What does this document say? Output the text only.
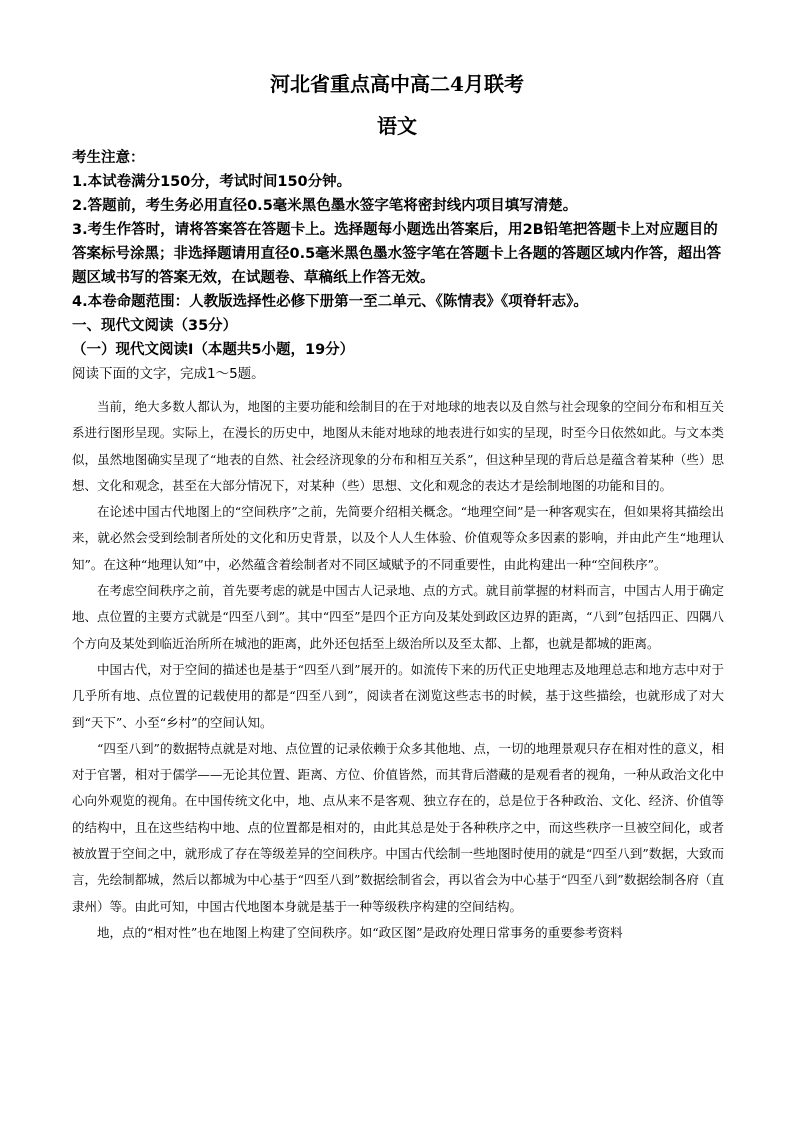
河北省重点高中高二4月联考
语文
考生注意：
1.本试卷满分150分，考试时间150分钟。
2.答题前，考生务必用直径0.5毫米黑色墨水签字笔将密封线内项目填写清楚。
3.考生作答时，请将答案答在答题卡上。选择题每小题选出答案后，用2B铅笔把答题卡上对应题目的答案标号涂黑；非选择题请用直径0.5毫米黑色墨水签字笔在答题卡上各题的答题区域内作答，超出答题区域书写的答案无效，在试题卷、草稿纸上作答无效。
4.本卷命题范围：人教版选择性必修下册第一至二单元、《陈情表》《项脊轩志》。
一、现代文阅读（35分）
（一）现代文阅读Ⅰ（本题共5小题，19分）
阅读下面的文字，完成1～5题。

当前，绝大多数人都认为，地图的主要功能和绘制目的在于对地球的地表以及自然与社会现象的空间分布和相互关系进行图形呈现。实际上，在漫长的历史中，地图从未能对地球的地表进行如实的呈现，时至今日依然如此。与文本类似，虽然地图确实呈现了“地表的自然、社会经济现象的分布和相互关系”，但这种呈现的背后总是蕴含着某种（些）思想、文化和观念，甚至在大部分情况下，对某种（些）思想、文化和观念的表达才是绘制地图的功能和目的。

在论述中国古代地图上的“空间秩序”之前，先简要介绍相关概念。“地理空间”是一种客观实在，但如果将其描绘出来，就必然会受到绘制者所处的文化和历史背景，以及个人人生体验、价值观等众多因素的影响，并由此产生“地理认知”。在这种“地理认知”中，必然蕴含着绘制者对不同区域赋予的不同重要性，由此构建出一种“空间秩序”。

在考虑空间秩序之前，首先要考虑的就是中国古人记录地、点的方式。就目前掌握的材料而言，中国古人用于确定地、点位置的主要方式就是“四至八到”。其中“四至”是四个正方向及某处到政区边界的距离，“八到”包括四正、四隅八个方向及某处到临近治所所在城池的距离，此外还包括至上级治所以及至太都、上都，也就是都城的距离。

中国古代，对于空间的描述也是基于“四至八到”展开的。如流传下来的历代正史地理志及地理总志和地方志中对于几乎所有地、点位置的记载使用的都是“四至八到”，阅读者在浏览这些志书的时候，基于这些描绘，也就形成了对大到“天下”、小至“乡村”的空间认知。

“四至八到”的数据特点就是对地、点位置的记录依赖于众多其他地、点，一切的地理景观只存在相对性的意义，相对于官署，相对于儒学——无论其位置、距离、方位、价值皆然，而其背后潜藏的是观看者的视角，一种从政治文化中心向外观览的视角。在中国传统文化中，地、点从来不是客观、独立存在的，总是位于各种政治、文化、经济、价值等的结构中，且在这些结构中地、点的位置都是相对的，由此其总是处于各种秩序之中，而这些秩序一旦被空间化，或者被放置于空间之中，就形成了存在等级差异的空间秩序。中国古代绘制一些地图时使用的就是“四至八到”数据，大致而言，先绘制都城，然后以都城为中心基于“四至八到”数据绘制省会，再以省会为中心基于“四至八到”数据绘制各府（直隶州）等。由此可知，中国古代地图本身就是基于一种等级秩序构建的空间结构。

地，点的“相对性”也在地图上构建了空间秩序。如“政区图”是政府处理日常事务的重要参考资料
